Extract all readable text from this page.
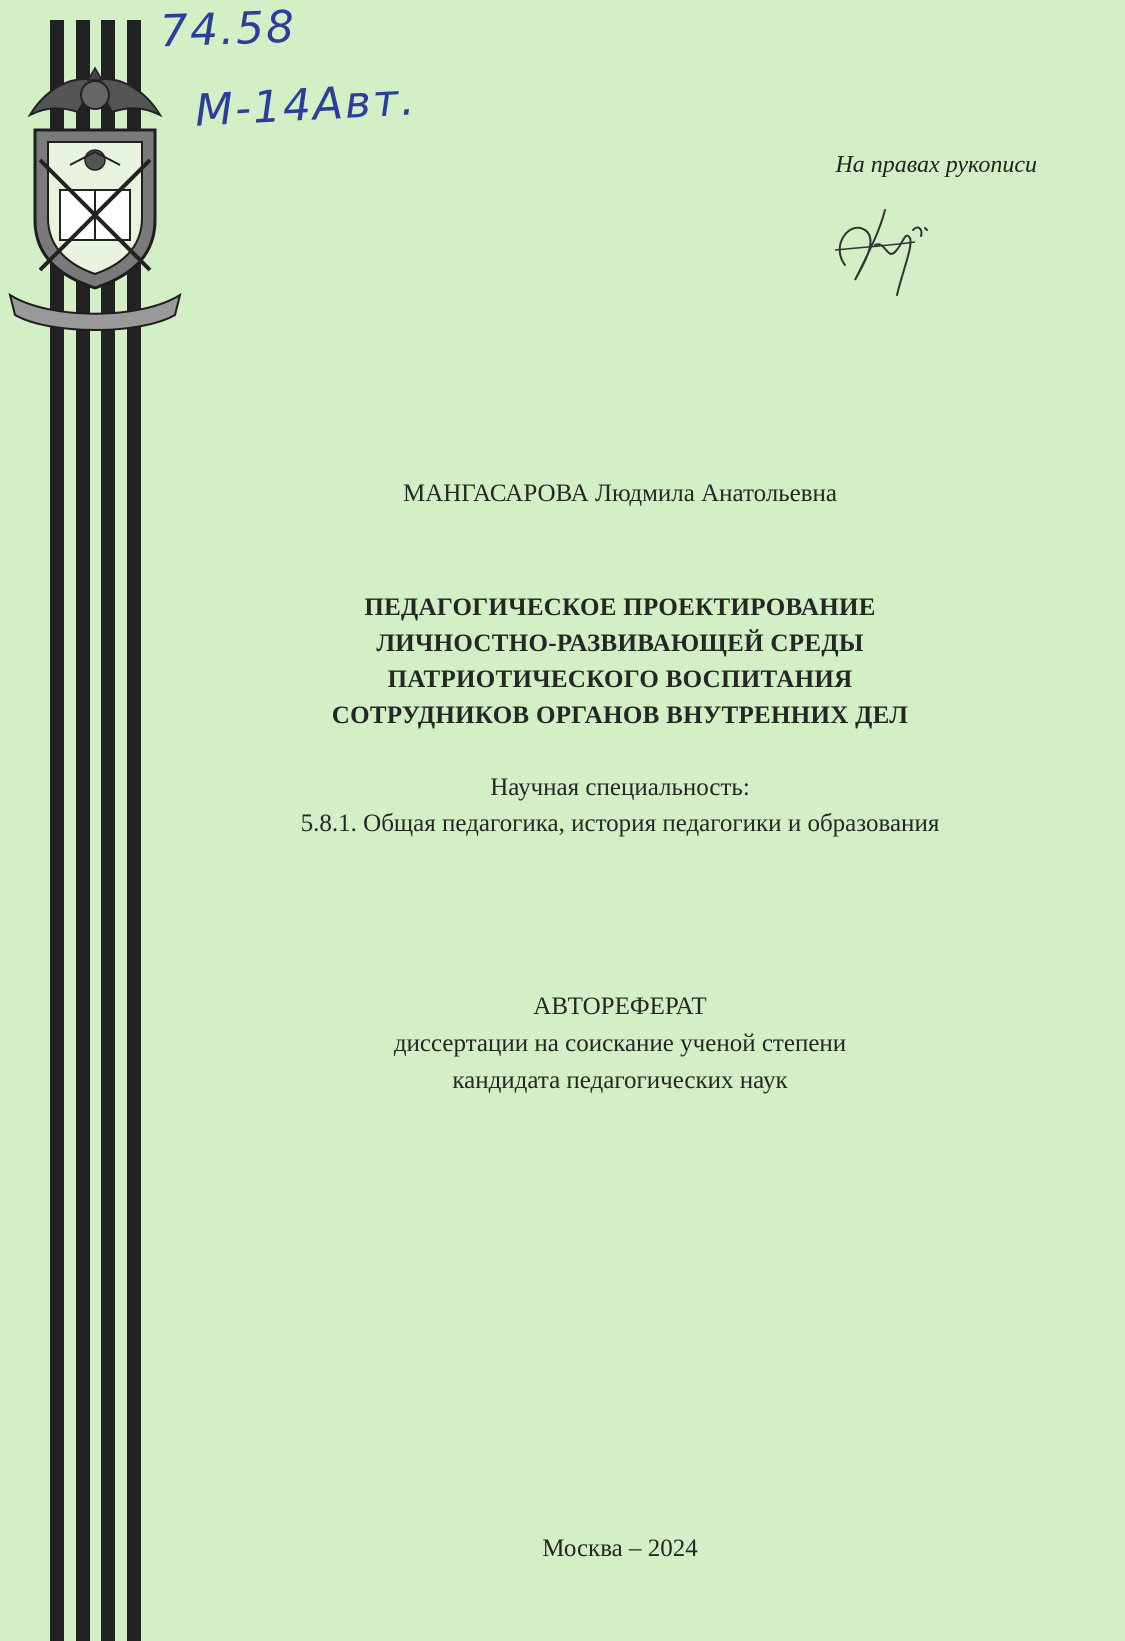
74.58
М-14Авт.
На правах рукописи
МАНГАСАРОВА Людмила Анатольевна
ПЕДАГОГИЧЕСКОЕ ПРОЕКТИРОВАНИЕ
ЛИЧНОСТНО-РАЗВИВАЮЩЕЙ СРЕДЫ
ПАТРИОТИЧЕСКОГО ВОСПИТАНИЯ
СОТРУДНИКОВ ОРГАНОВ ВНУТРЕННИХ ДЕЛ
Научная специальность:
5.8.1. Общая педагогика, история педагогики и образования
АВТОРЕФЕРАТ
диссертации на соискание ученой степени
кандидата педагогических наук
Москва – 2024
